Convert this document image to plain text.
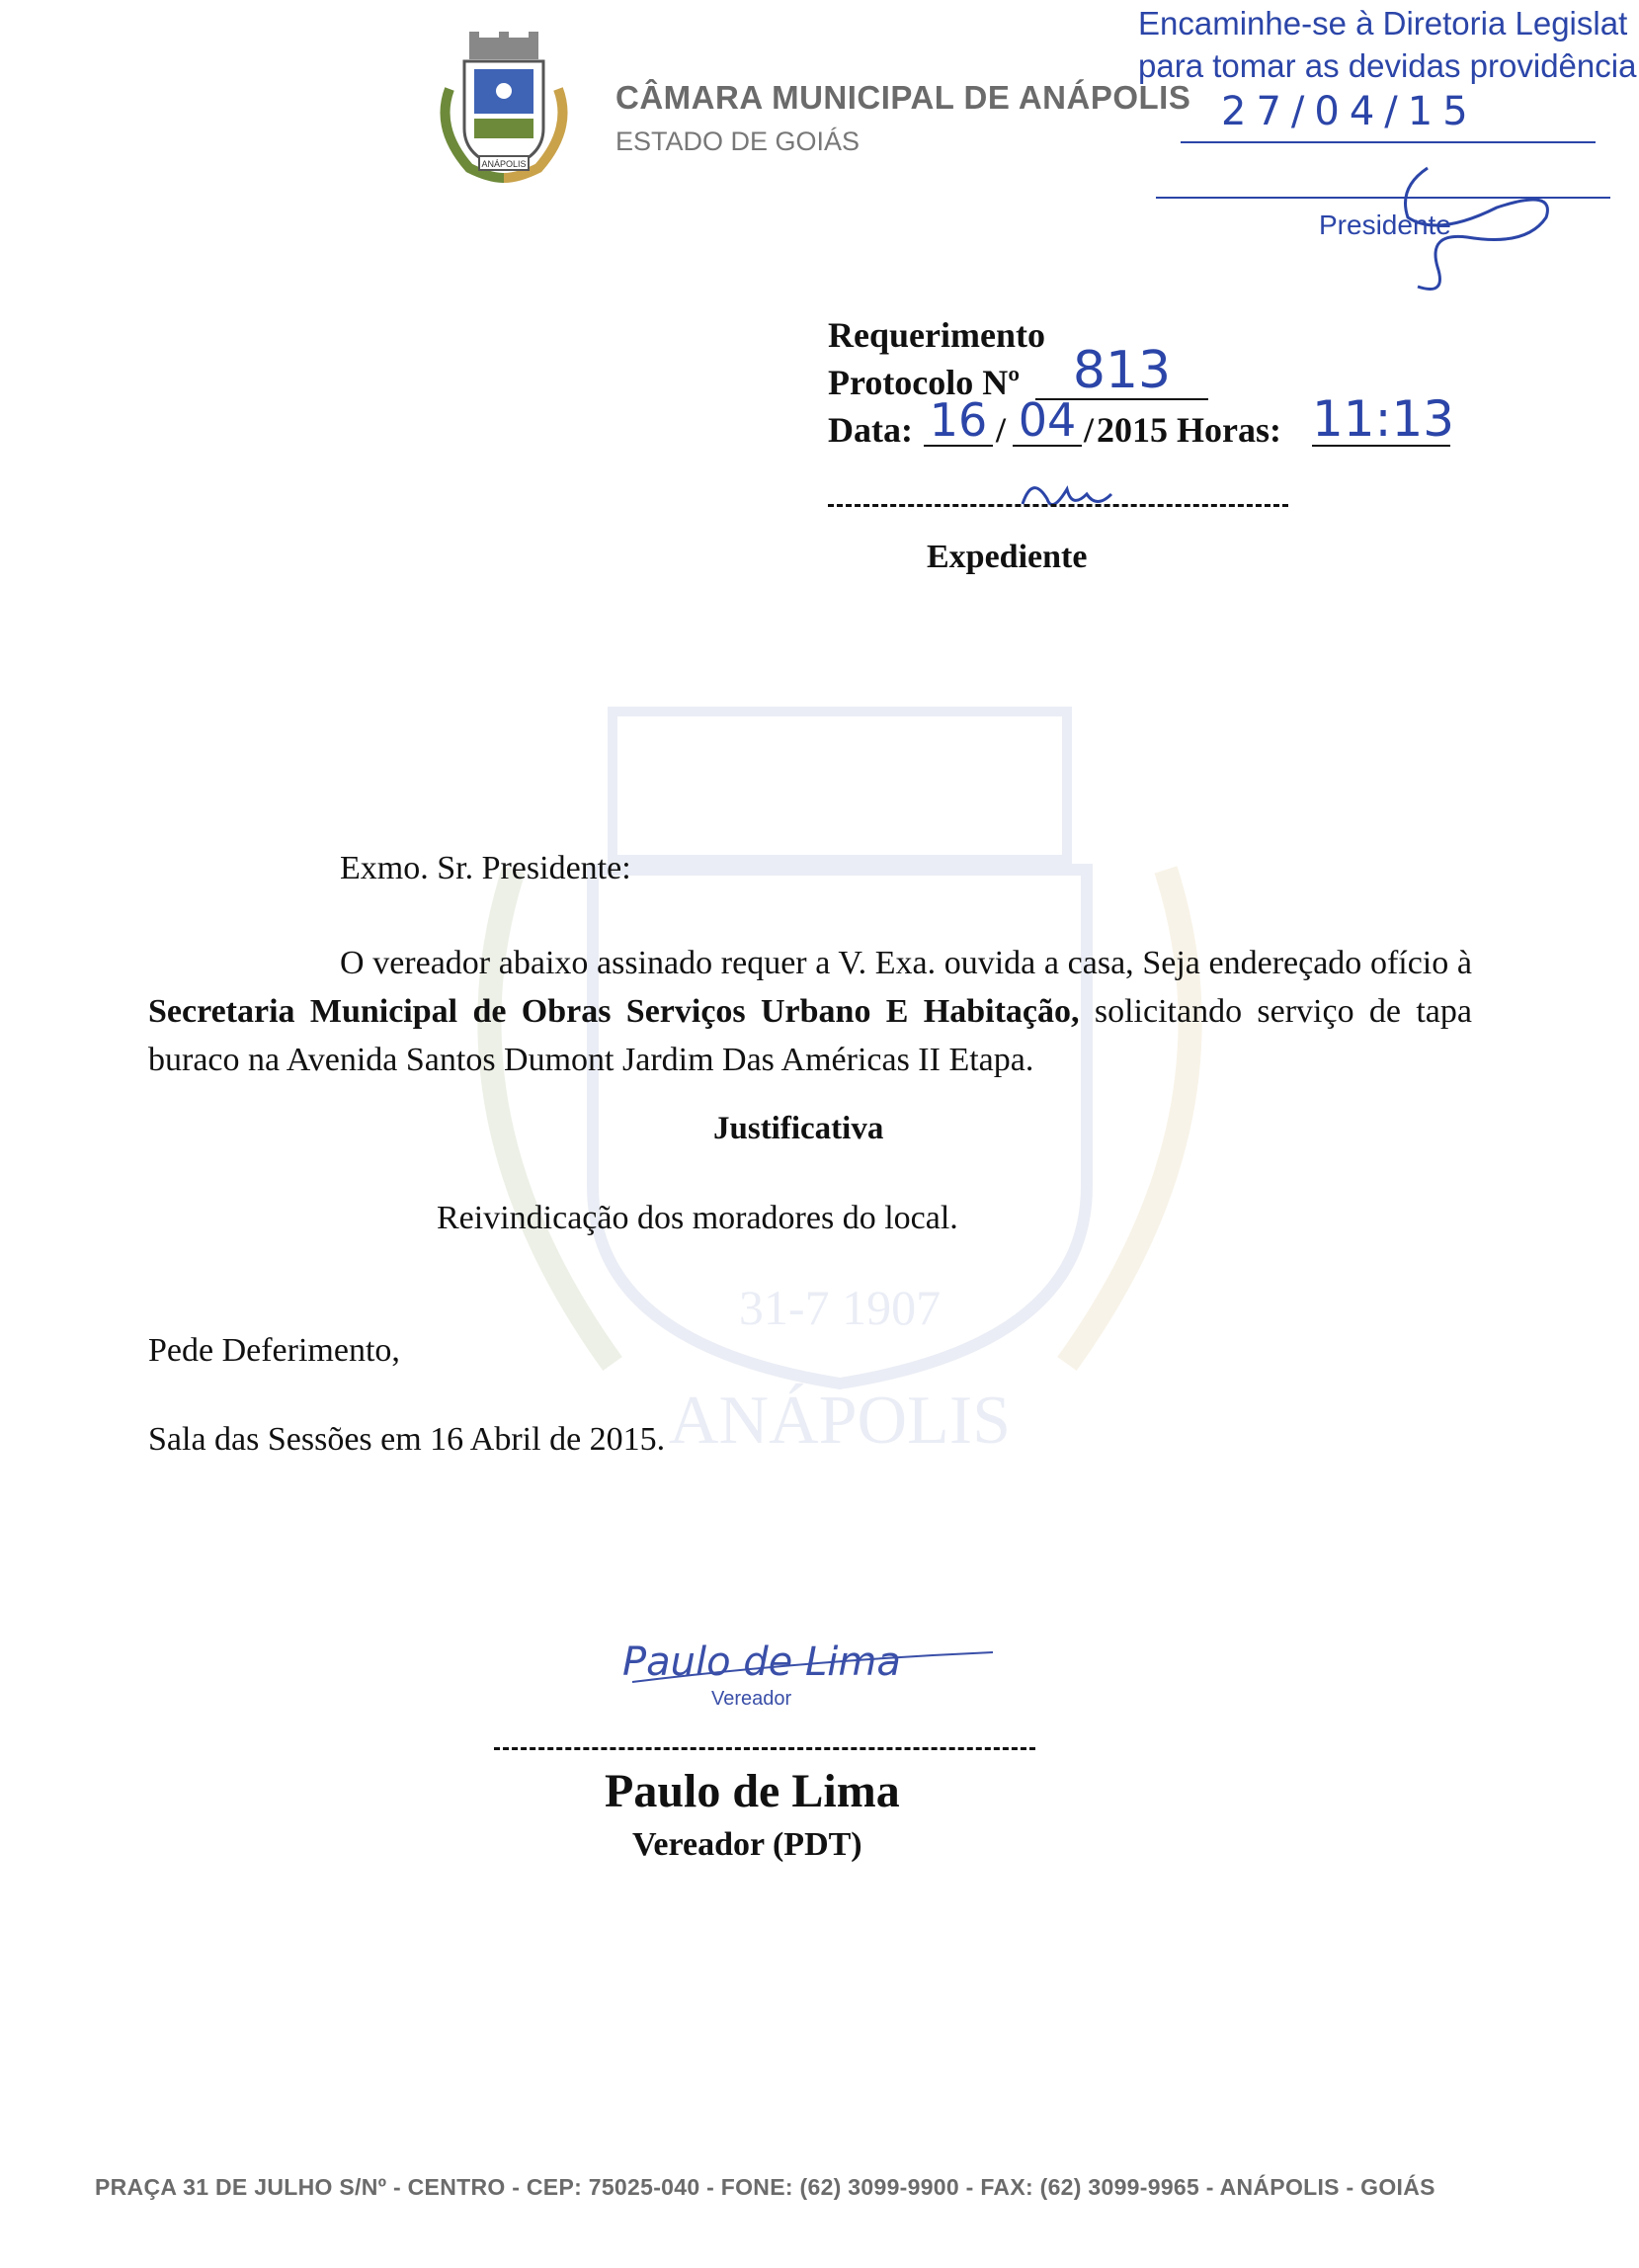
ANÁPOLIS
CÂMARA MUNICIPAL DE ANÁPOLIS
ESTADO DE GOIÁS
Encaminhe-se à Diretoria Legislat
para tomar as devidas providência
27/04/15
Presidente
Requerimento
Protocolo Nº	813
Data: 16 / 04 / 2015 Horas: 11:13
Expediente
ANÁPOLIS
31-7 1907
Exmo. Sr. Presidente:
O vereador abaixo assinado requer a V. Exa. ouvida a casa, Seja endereçado ofício à Secretaria Municipal de Obras Serviços Urbano E Habitação, solicitando serviço de tapa buraco na Avenida Santos Dumont Jardim Das Américas II Etapa.
Justificativa
Reivindicação dos moradores do local.
Pede Deferimento,
Sala das Sessões em 16 Abril de 2015.
Paulo de Lima
Vereador
Paulo de Lima
Vereador (PDT)
PRAÇA 31 DE JULHO S/Nº - CENTRO - CEP: 75025-040 - FONE: (62) 3099-9900 - FAX: (62) 3099-9965 - ANÁPOLIS - GOIÁS
